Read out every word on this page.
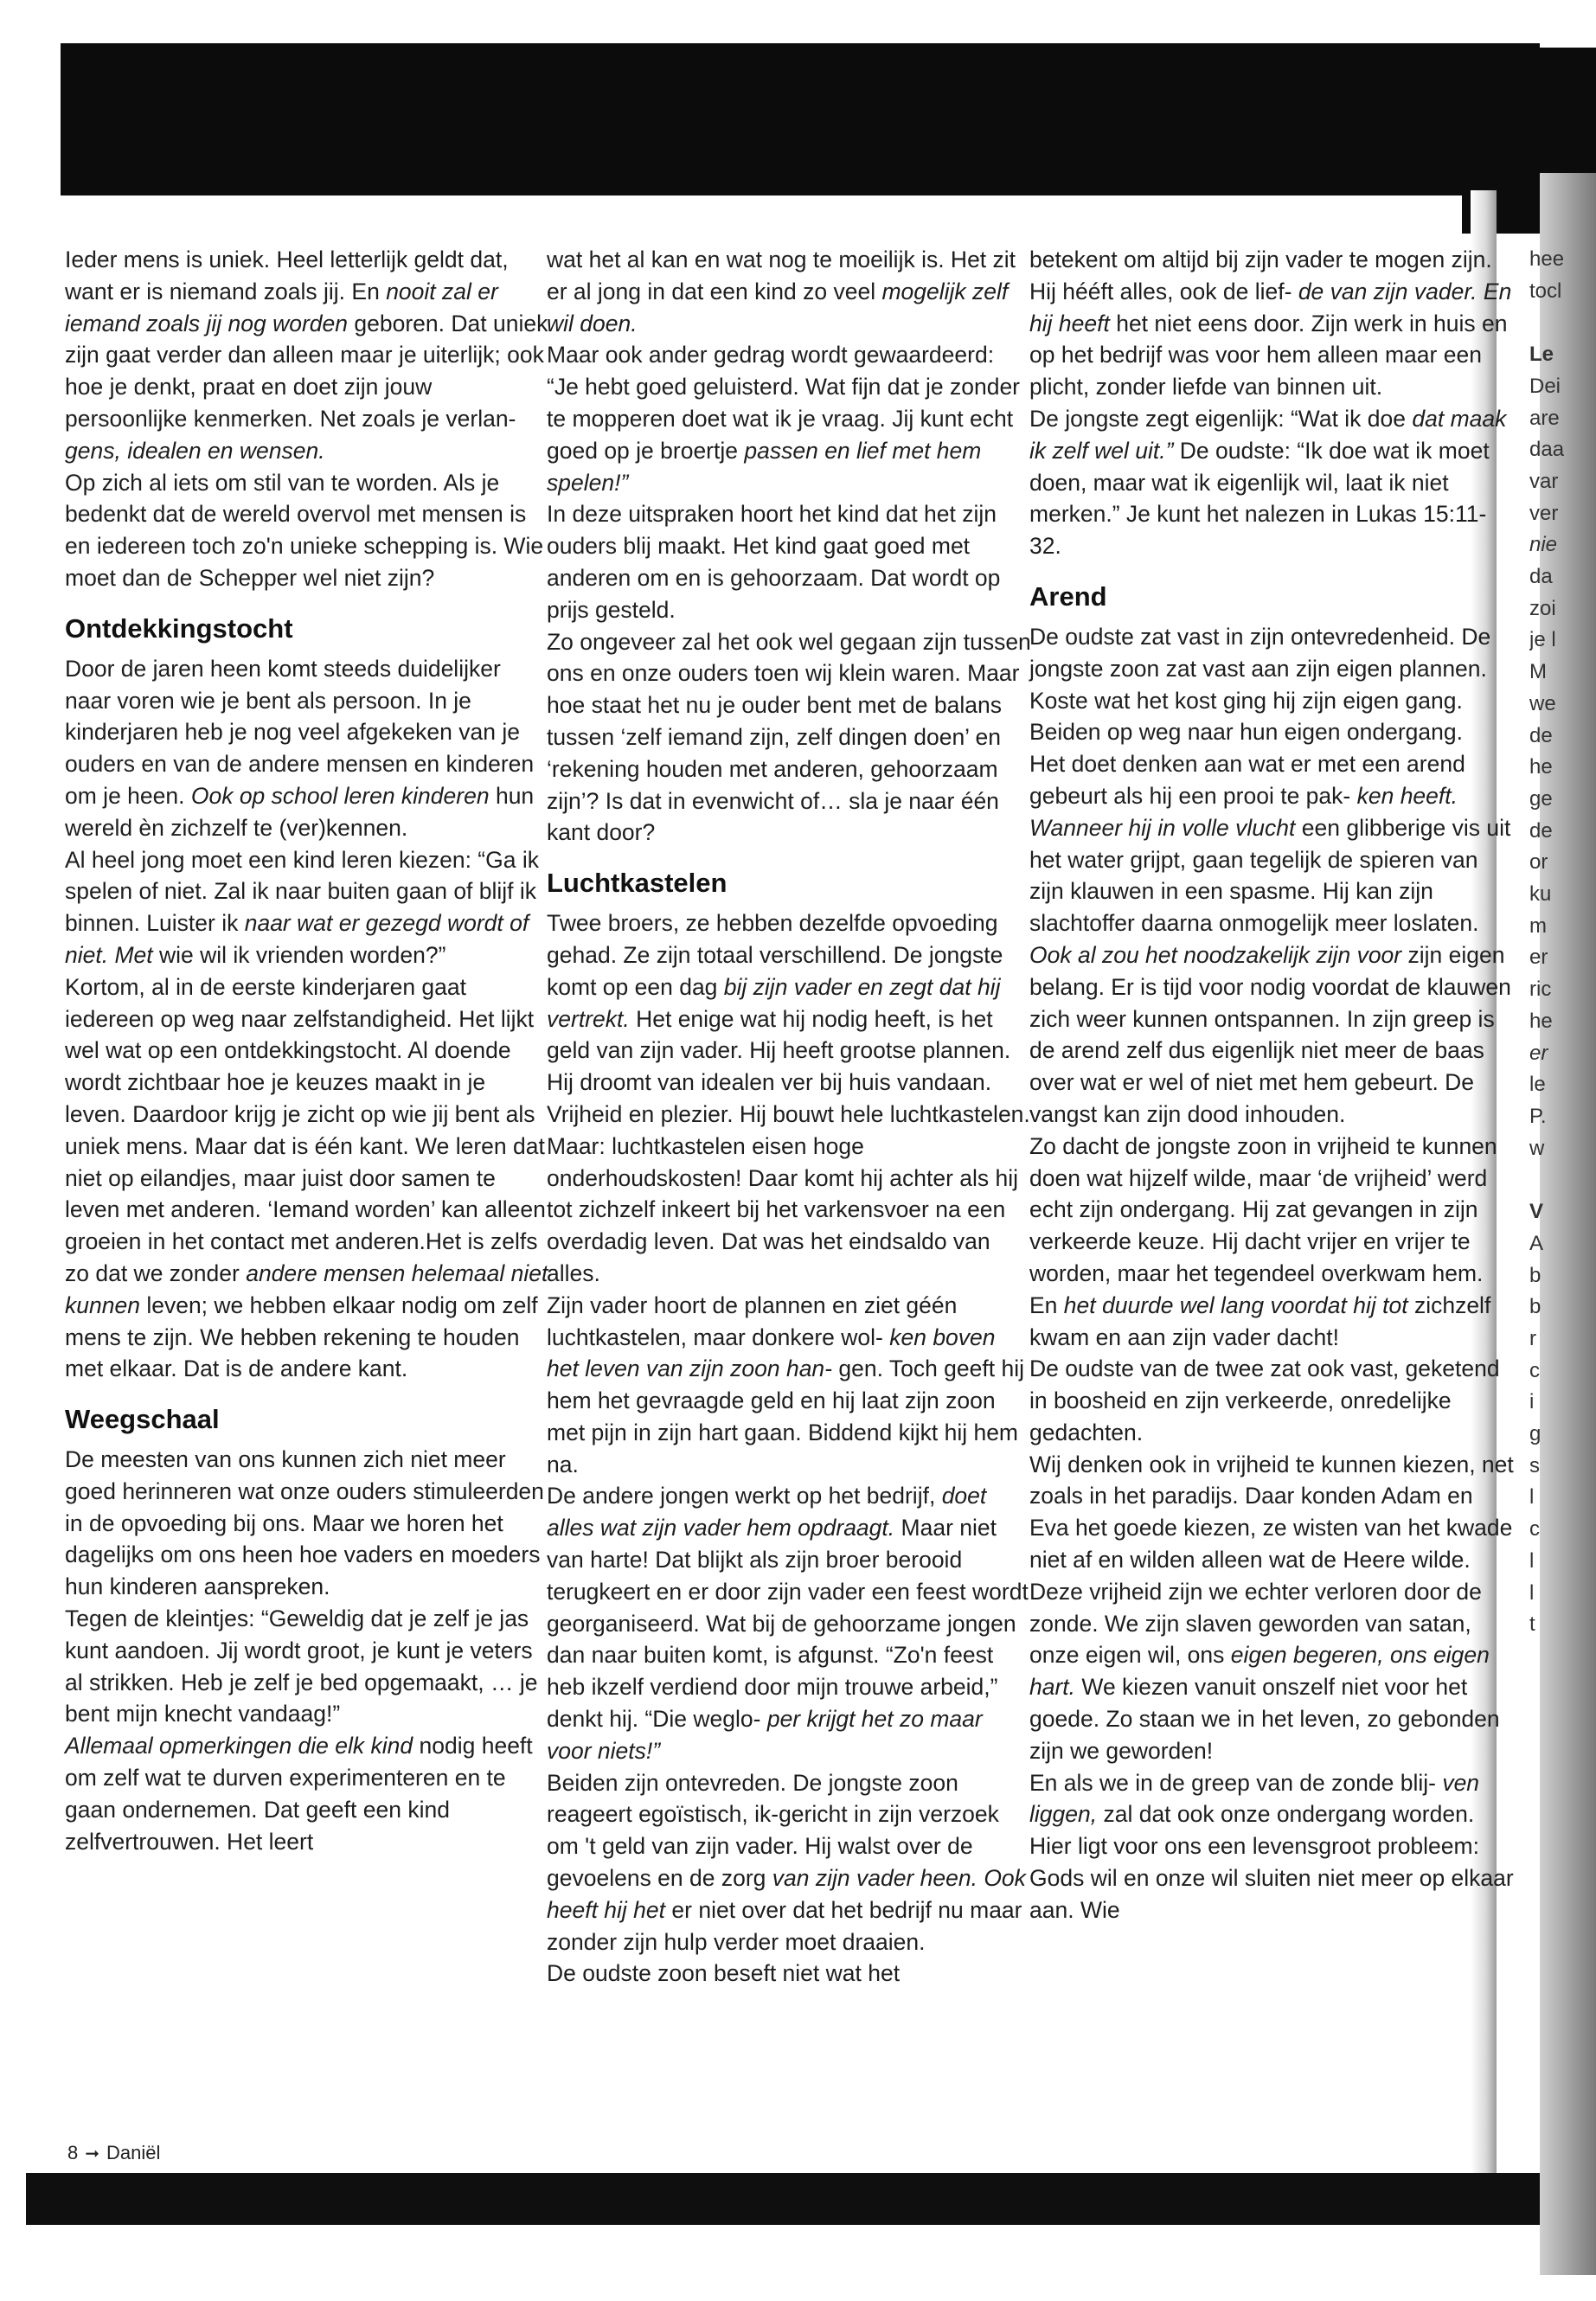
Ieder mens is uniek. Heel letterlijk geldt dat, want er is niemand zoals jij. En nooit zal er iemand zoals jij nog worden geboren. Dat uniek zijn gaat verder dan alleen maar je uiterlijk; ook hoe je denkt, praat en doet zijn jouw persoonlijke kenmerken. Net zoals je verlan- gens, idealen en wensen.

Op zich al iets om stil van te worden. Als je bedenkt dat de wereld overvol met mensen is en iedereen toch zo'n unieke schepping is. Wie moet dan de Schepper wel niet zijn?

Ontdekkingstocht

Door de jaren heen komt steeds duidelijker naar voren wie je bent als persoon. In je kinderjaren heb je nog veel afgekeken van je ouders en van de andere mensen en kinderen om je heen. Ook op school leren kinderen hun wereld èn zichzelf te (ver)kennen.

Al heel jong moet een kind leren kiezen: “Ga ik spelen of niet. Zal ik naar buiten gaan of blijf ik binnen. Luister ik naar wat er gezegd wordt of niet. Met wie wil ik vrienden worden?”

Kortom, al in de eerste kinderjaren gaat iedereen op weg naar zelfstandigheid. Het lijkt wel wat op een ontdekkingstocht. Al doende wordt zichtbaar hoe je keuzes maakt in je leven. Daardoor krijg je zicht op wie jij bent als uniek mens. Maar dat is één kant. We leren dat niet op eilandjes, maar juist door samen te leven met anderen. ‘Iemand worden’ kan alleen groeien in het contact met anderen.Het is zelfs zo dat we zonder andere mensen helemaal niet kunnen leven; we hebben elkaar nodig om zelf mens te zijn. We hebben rekening te houden met elkaar. Dat is de andere kant.

Weegschaal

De meesten van ons kunnen zich niet meer goed herinneren wat onze ouders stimuleerden in de opvoeding bij ons. Maar we horen het dagelijks om ons heen hoe vaders en moeders hun kinderen aanspreken.

Tegen de kleintjes: “Geweldig dat je zelf je jas kunt aandoen. Jij wordt groot, je kunt je veters al strikken. Heb je zelf je bed opgemaakt, … je bent mijn knecht vandaag!”

Allemaal opmerkingen die elk kind nodig heeft om zelf wat te durven experimenteren en te gaan ondernemen. Dat geeft een kind zelfvertrouwen. Het leert

wat het al kan en wat nog te moeilijk is. Het zit er al jong in dat een kind zo veel mogelijk zelf wil doen.

Maar ook ander gedrag wordt gewaardeerd: “Je hebt goed geluisterd. Wat fijn dat je zonder te mopperen doet wat ik je vraag. Jij kunt echt goed op je broertje passen en lief met hem spelen!”

In deze uitspraken hoort het kind dat het zijn ouders blij maakt. Het kind gaat goed met anderen om en is gehoorzaam. Dat wordt op prijs gesteld.

Zo ongeveer zal het ook wel gegaan zijn tussen ons en onze ouders toen wij klein waren. Maar hoe staat het nu je ouder bent met de balans tussen ‘zelf iemand zijn, zelf dingen doen’ en ‘rekening houden met anderen, gehoorzaam zijn’? Is dat in evenwicht of… sla je naar één kant door?

Luchtkastelen

Twee broers, ze hebben dezelfde opvoeding gehad. Ze zijn totaal verschillend. De jongste komt op een dag bij zijn vader en zegt dat hij vertrekt. Het enige wat hij nodig heeft, is het geld van zijn vader. Hij heeft grootse plannen. Hij droomt van idealen ver bij huis vandaan. Vrijheid en plezier. Hij bouwt hele luchtkastelen. Maar: luchtkastelen eisen hoge onderhoudskosten! Daar komt hij achter als hij tot zichzelf inkeert bij het varkensvoer na een overdadig leven. Dat was het eindsaldo van alles.

Zijn vader hoort de plannen en ziet géén luchtkastelen, maar donkere wol- ken boven het leven van zijn zoon han- gen. Toch geeft hij hem het gevraagde geld en hij laat zijn zoon met pijn in zijn hart gaan. Biddend kijkt hij hem na.

De andere jongen werkt op het bedrijf, doet alles wat zijn vader hem opdraagt. Maar niet van harte! Dat blijkt als zijn broer berooid terugkeert en er door zijn vader een feest wordt georganiseerd. Wat bij de gehoorzame jongen dan naar buiten komt, is afgunst. “Zo'n feest heb ikzelf verdiend door mijn trouwe arbeid,” denkt hij. “Die weglo- per krijgt het zo maar voor niets!”

Beiden zijn ontevreden. De jongste zoon reageert egoïstisch, ik-gericht in zijn verzoek om 't geld van zijn vader. Hij walst over de gevoelens en de zorg van zijn vader heen. Ook heeft hij het er niet over dat het bedrijf nu maar zonder zijn hulp verder moet draaien.

De oudste zoon beseft niet wat het

betekent om altijd bij zijn vader te mogen zijn. Hij hééft alles, ook de lief- de van zijn vader. En hij heeft het niet eens door. Zijn werk in huis en op het bedrijf was voor hem alleen maar een plicht, zonder liefde van binnen uit.

De jongste zegt eigenlijk: “Wat ik doe dat maak ik zelf wel uit.” De oudste: “Ik doe wat ik moet doen, maar wat ik eigenlijk wil, laat ik niet merken.” Je kunt het nalezen in Lukas 15:11-32.

Arend

De oudste zat vast in zijn ontevredenheid. De jongste zoon zat vast aan zijn eigen plannen. Koste wat het kost ging hij zijn eigen gang. Beiden op weg naar hun eigen ondergang.

Het doet denken aan wat er met een arend gebeurt als hij een prooi te pak- ken heeft. Wanneer hij in volle vlucht een glibberige vis uit het water grijpt, gaan tegelijk de spieren van zijn klauwen in een spasme. Hij kan zijn slachtoffer daarna onmogelijk meer loslaten. Ook al zou het noodzakelijk zijn voor zijn eigen belang. Er is tijd voor nodig voordat de klauwen zich weer kunnen ontspannen. In zijn greep is de arend zelf dus eigenlijk niet meer de baas over wat er wel of niet met hem gebeurt. De vangst kan zijn dood inhouden.

Zo dacht de jongste zoon in vrijheid te kunnen doen wat hijzelf wilde, maar ‘de vrijheid’ werd echt zijn ondergang. Hij zat gevangen in zijn verkeerde keuze. Hij dacht vrijer en vrijer te worden, maar het tegendeel overkwam hem. En het duurde wel lang voordat hij tot zichzelf kwam en aan zijn vader dacht!

De oudste van de twee zat ook vast, geketend in boosheid en zijn verkeerde, onredelijke gedachten.

Wij denken ook in vrijheid te kunnen kiezen, net zoals in het paradijs. Daar konden Adam en Eva het goede kiezen, ze wisten van het kwade niet af en wilden alleen wat de Heere wilde. Deze vrijheid zijn we echter verloren door de zonde. We zijn slaven geworden van satan, onze eigen wil, ons eigen begeren, ons eigen hart. We kiezen vanuit onszelf niet voor het goede. Zo staan we in het leven, zo gebonden zijn we geworden!

En als we in de greep van de zonde blij- ven liggen, zal dat ook onze ondergang worden. Hier ligt voor ons een levensgroot probleem: Gods wil en onze wil sluiten niet meer op elkaar aan. Wie

hee
tocl

Le
Dei
are
daa
var
ver
nie
da
zoi
je l
M
we
de
he
ge
de
or
ku
m
er
ric
he
er
le
P.
w

V
A
b
b
r
c
i
g
s
l
c
l
l
t
8 ➞ Daniël
